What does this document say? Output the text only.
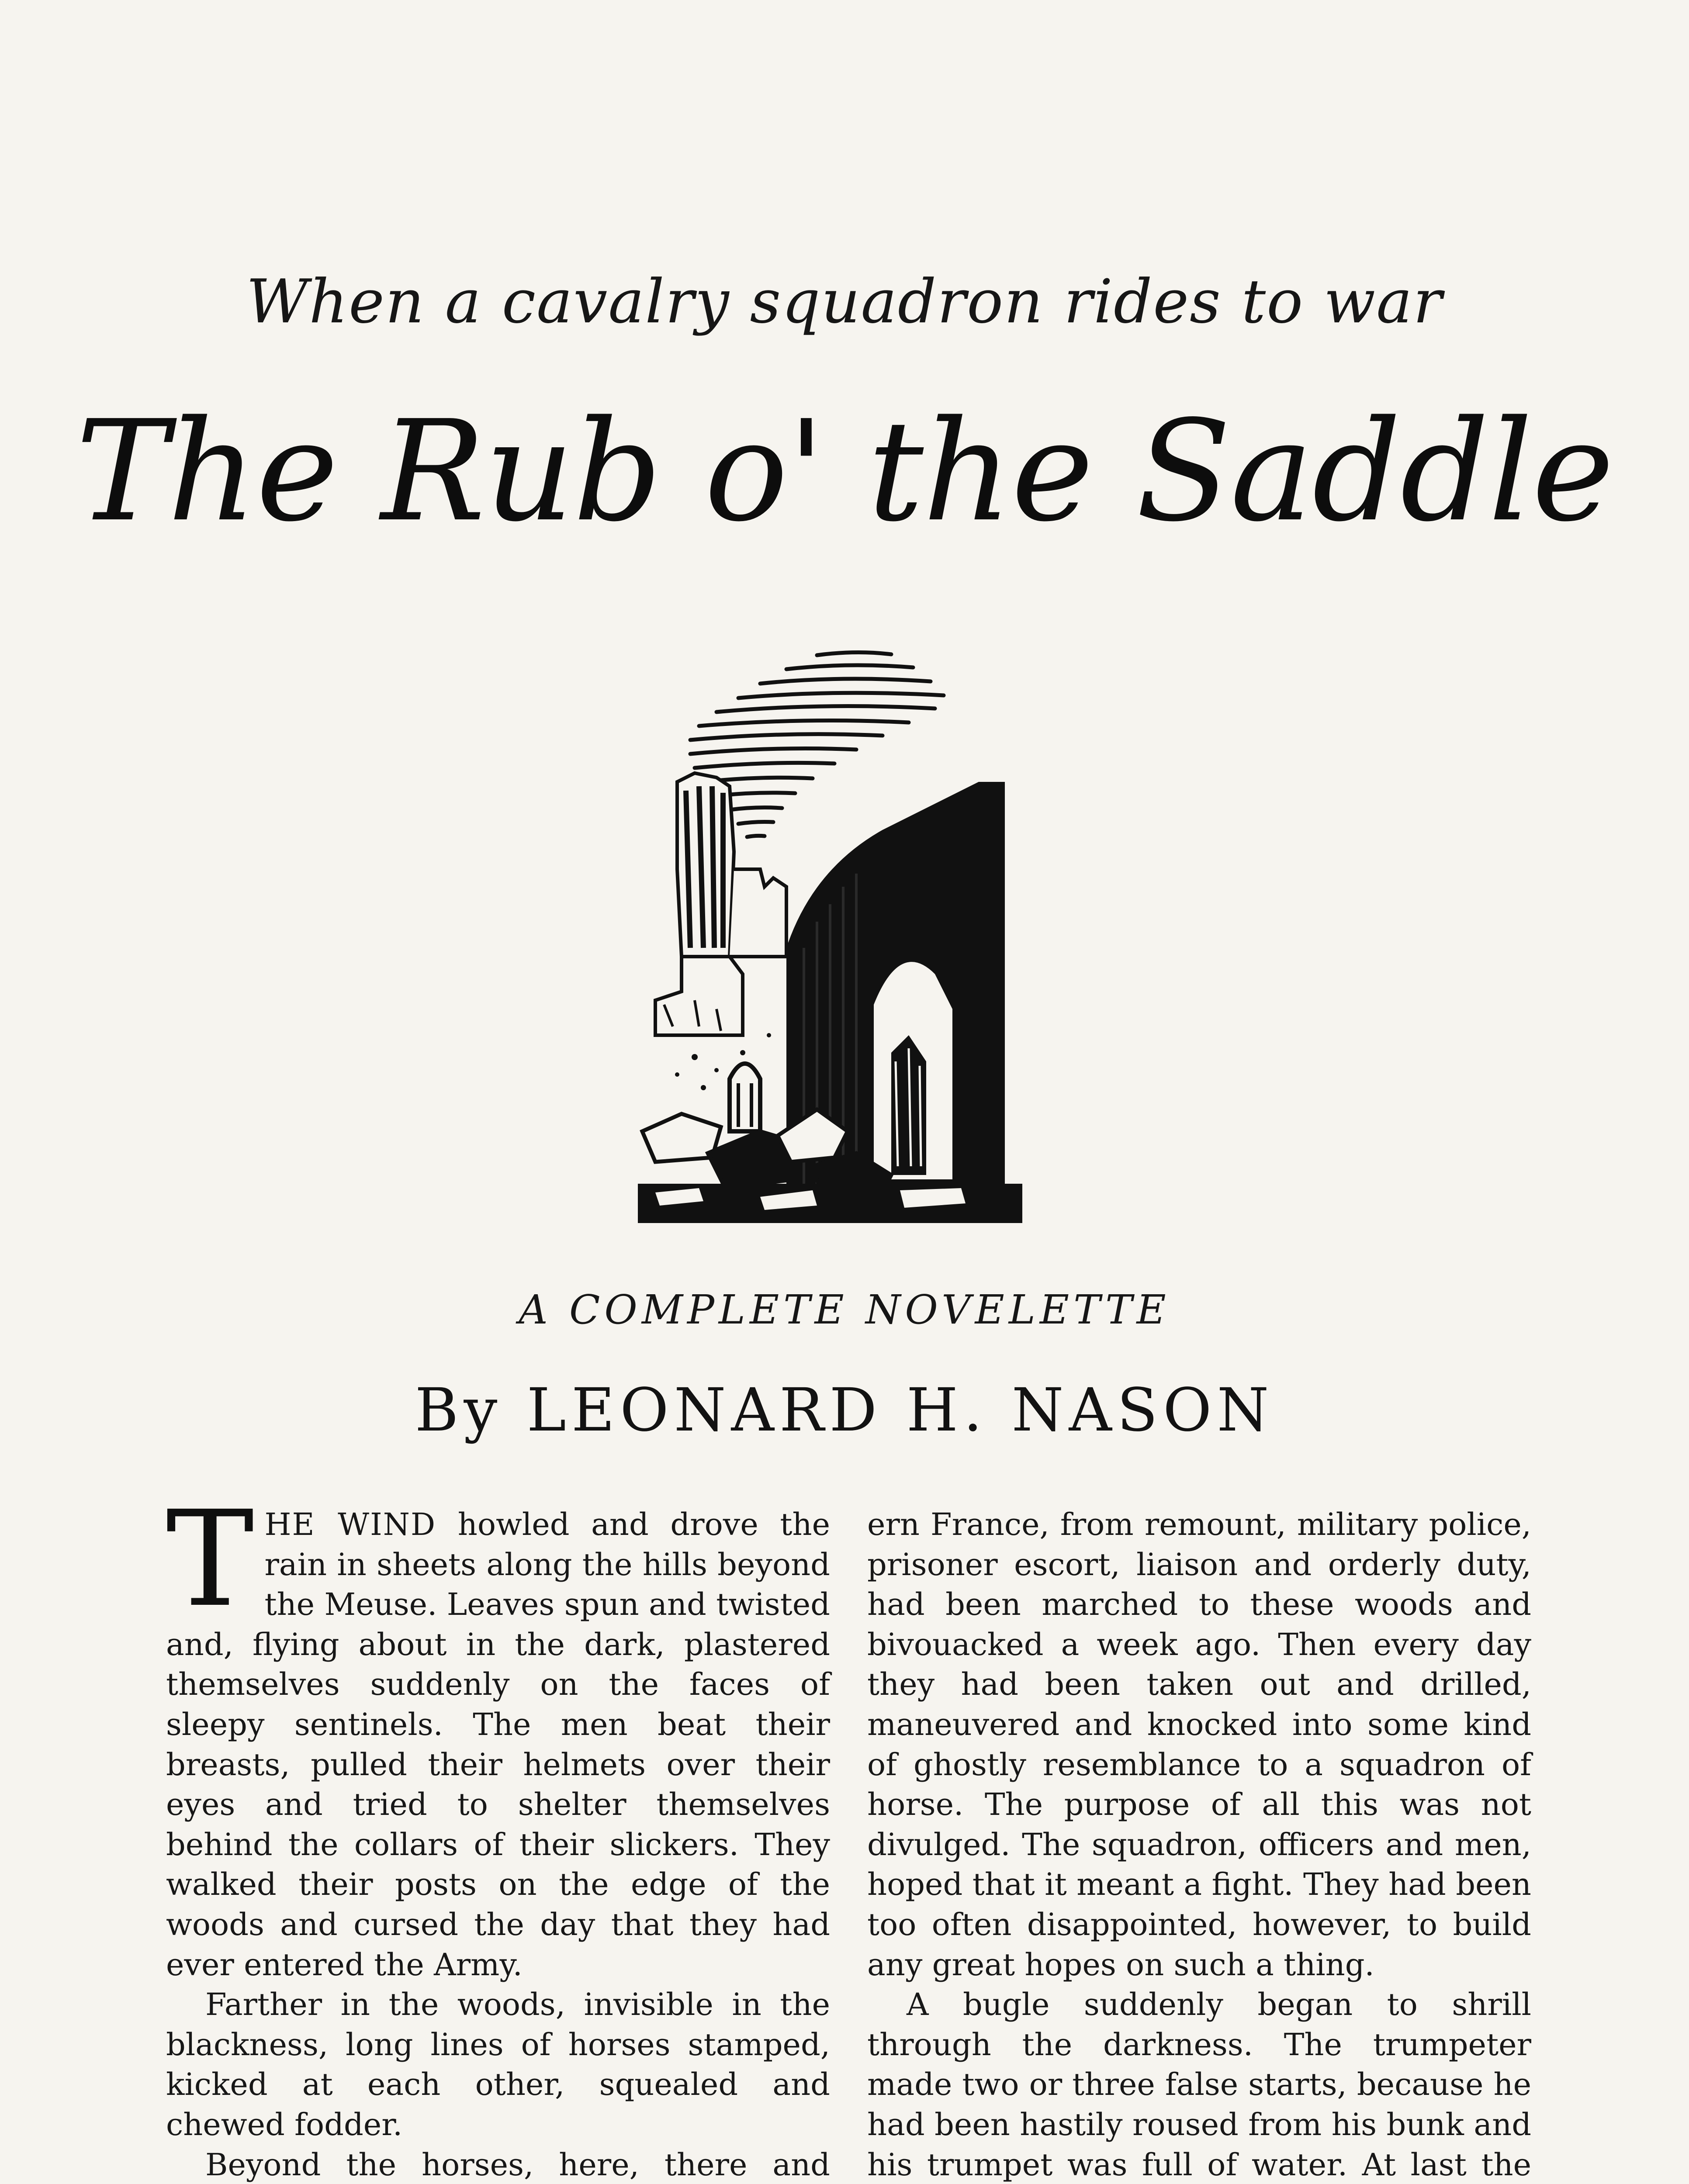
When a cavalry squadron rides to war
The Rub o' the Saddle
A COMPLETE NOVELETTE
By LEONARD H. NASON

THE WIND howled and drove the rain in sheets along the hills beyond the Meuse. Leaves spun and twisted and, flying about in the dark, plastered themselves suddenly on the faces of sleepy sentinels. The men beat their breasts, pulled their helmets over their eyes and tried to shelter themselves behind the collars of their slickers. They walked their posts on the edge of the woods and cursed the day that they had ever entered the Army.

Farther in the woods, invisible in the blackness, long lines of horses stamped, kicked at each other, squealed and chewed fodder.

Beyond the horses, here, there and

ern France, from remount, military police, prisoner escort, liaison and orderly duty, had been marched to these woods and bivouacked a week ago. Then every day they had been taken out and drilled, maneuvered and knocked into some kind of ghostly resemblance to a squadron of horse. The purpose of all this was not divulged. The squadron, officers and men, hoped that it meant a fight. They had been too often disappointed, however, to build any great hopes on such a thing.

A bugle suddenly began to shrill through the darkness. The trumpeter made two or three false starts, because he had been hastily roused from his bunk and his trumpet was full of water. At last the
